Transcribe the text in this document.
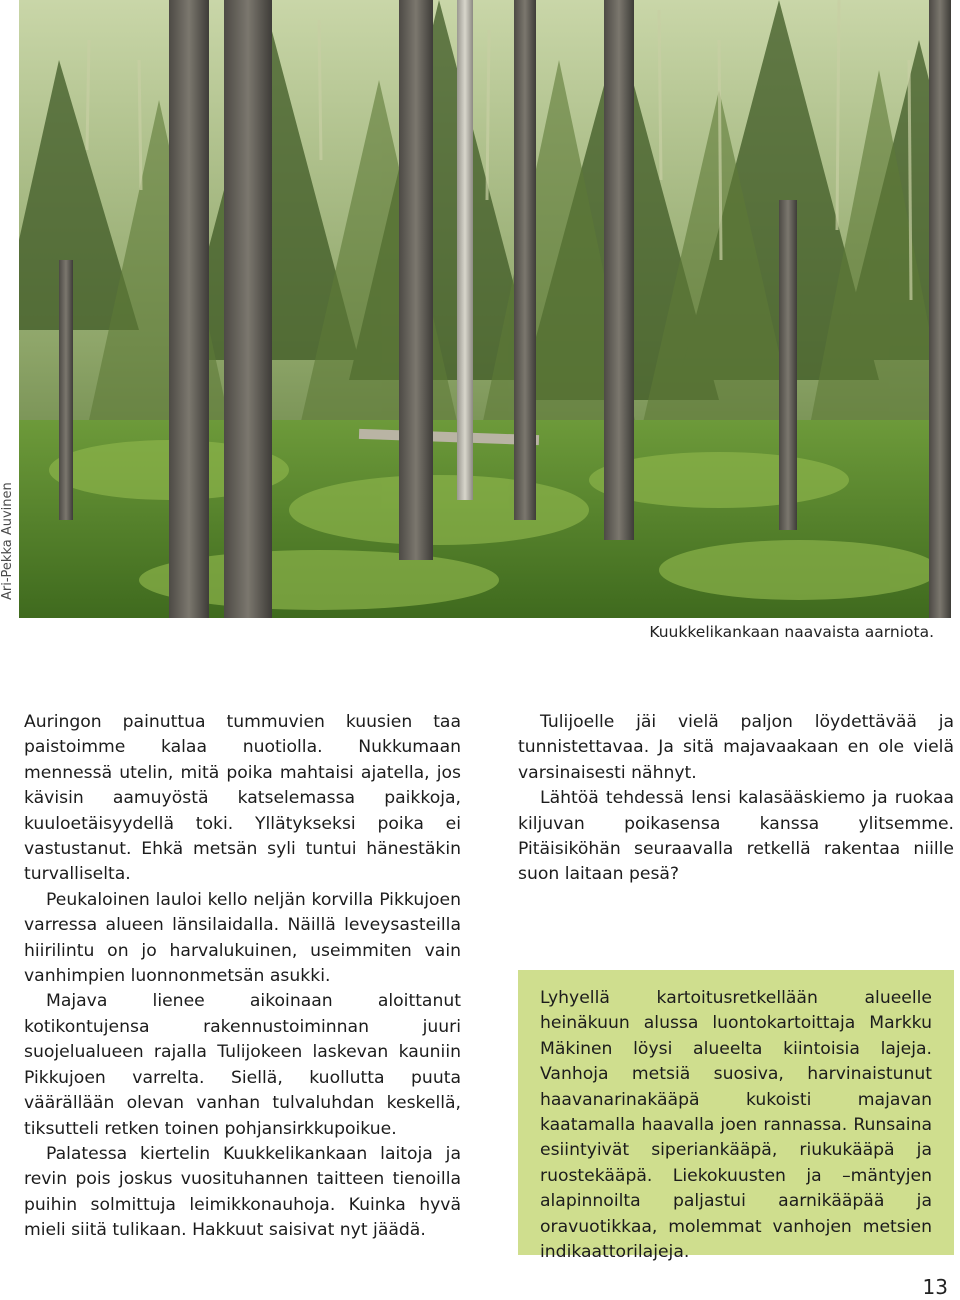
Ari-Pekka Auvinen
Kuukkelikankaan naavaista aarniota.

Auringon painuttua tummuvien kuusien taa paistoimme kalaa nuotiolla. Nukkumaan mennessä utelin, mitä poika mahtaisi ajatella, jos kävisin aamuyöstä katselemassa paikkoja, kuuloetäisyydellä toki. Yllätykseksi poika ei vastustanut. Ehkä metsän syli tuntui hänestäkin turvalliselta.

Peukaloinen lauloi kello neljän korvilla Pikkujoen varressa alueen länsilaidalla. Näillä leveysasteilla hiirilintu on jo harvalukuinen, useimmiten vain vanhimpien luonnonmetsän asukki.

Majava lienee aikoinaan aloittanut kotikontujensa rakennustoiminnan juuri suojelualueen rajalla Tulijokeen laskevan kauniin Pikkujoen varrelta. Siellä, kuollutta puuta väärällään olevan vanhan tulvaluhdan keskellä, tiksutteli retken toinen pohjansirkkupoikue.

Palatessa kiertelin Kuukkelikankaan laitoja ja revin pois joskus vuosituhannen taitteen tienoilla puihin solmittuja leimikkonauhoja. Kuinka hyvä mieli siitä tulikaan. Hakkuut saisivat nyt jäädä.

Tulijoelle jäi vielä paljon löydettävää ja tunnistettavaa. Ja sitä majavaakaan en ole vielä varsinaisesti nähnyt.

Lähtöä tehdessä lensi kalasääskiemo ja ruokaa kiljuvan poikasensa kanssa ylitsemme. Pitäisiköhän seuraavalla retkellä rakentaa niille suon laitaan pesä?

Lyhyellä kartoitusretkellään alueelle heinäkuun alussa luontokartoittaja Markku Mäkinen löysi alueelta kiintoisia lajeja. Vanhoja metsiä suosiva, harvinaistunut haavanarinakääpä kukoisti majavan kaatamalla haavalla joen rannassa. Runsaina esiintyivät siperiankääpä, riukukääpä ja ruostekääpä. Liekokuusten ja –mäntyjen alapinnoilta paljastui aarnikääpää ja oravuotikkaa, molemmat vanhojen metsien indikaattorilajeja.

13
